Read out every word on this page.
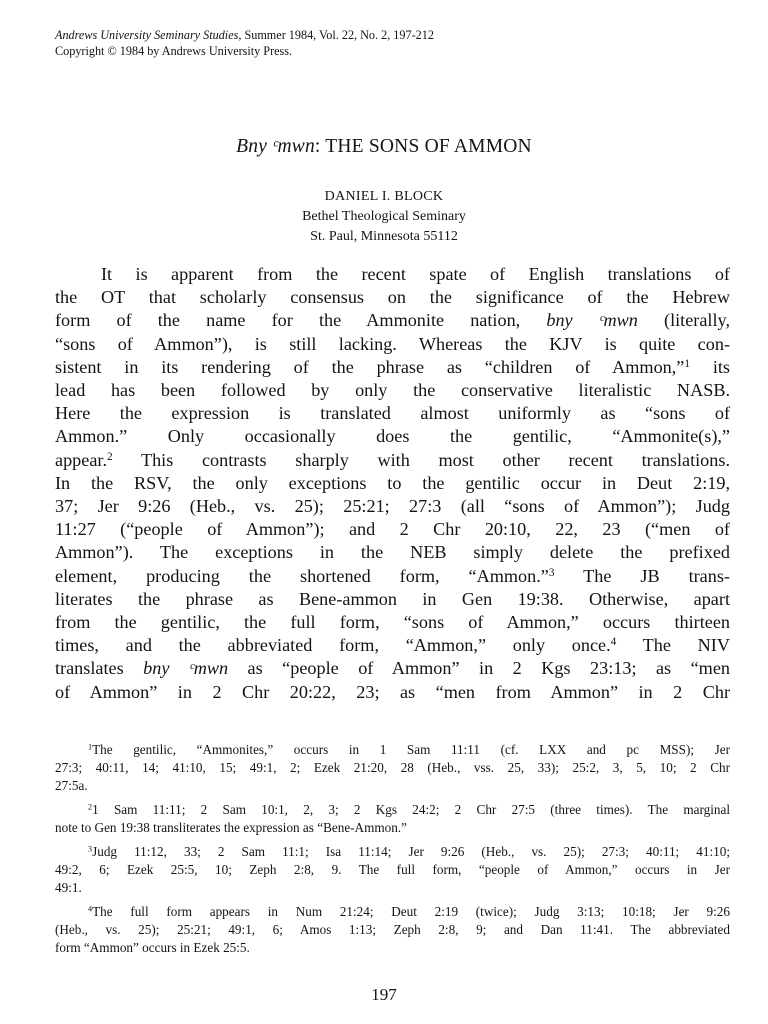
Andrews University Seminary Studies, Summer 1984, Vol. 22, No. 2, 197-212
Copyright © 1984 by Andrews University Press.
Bny ᶜmwn: THE SONS OF AMMON
DANIEL I. BLOCK
Bethel Theological Seminary
St. Paul, Minnesota 55112
It is apparent from the recent spate of English translations of
the OT that scholarly consensus on the significance of the Hebrew
form of the name for the Ammonite nation, bny ᶜmwn (literally,
“sons of Ammon”), is still lacking. Whereas the KJV is quite con-
sistent in its rendering of the phrase as “children of Ammon,”$^1$ its
lead has been followed by only the conservative literalistic NASB.
Here the expression is translated almost uniformly as “sons of
Ammon.” Only occasionally does the gentilic, “Ammonite(s),”
appear.$^2$ This contrasts sharply with most other recent translations.
In the RSV, the only exceptions to the gentilic occur in Deut 2:19,
37; Jer 9:26 (Heb., vs. 25); 25:21; 27:3 (all “sons of Ammon”); Judg
11:27 (“people of Ammon”); and 2 Chr 20:10, 22, 23 (“men of
Ammon”). The exceptions in the NEB simply delete the prefixed
element, producing the shortened form, “Ammon.”$^3$ The JB trans-
literates the phrase as Bene-ammon in Gen 19:38. Otherwise, apart
from the gentilic, the full form, “sons of Ammon,” occurs thirteen
times, and the abbreviated form, “Ammon,” only once.$^4$ The NIV
translates bny ᶜmwn as “people of Ammon” in 2 Kgs 23:13; as “men
of Ammon” in 2 Chr 20:22, 23; as “men from Ammon” in 2 Chr
$^1$The gentilic, “Ammonites,” occurs in 1 Sam 11:11 (cf. LXX and pc MSS); Jer
27:3; 40:11, 14; 41:10, 15; 49:1, 2; Ezek 21:20, 28 (Heb., vss. 25, 33); 25:2, 3, 5, 10; 2 Chr
27:5a.
$^2$1 Sam 11:11; 2 Sam 10:1, 2, 3; 2 Kgs 24:2; 2 Chr 27:5 (three times). The marginal
note to Gen 19:38 transliterates the expression as “Bene-Ammon.”
$^3$Judg 11:12, 33; 2 Sam 11:1; Isa 11:14; Jer 9:26 (Heb., vs. 25); 27:3; 40:11; 41:10;
49:2, 6; Ezek 25:5, 10; Zeph 2:8, 9. The full form, “people of Ammon,” occurs in Jer
49:1.
$^4$The full form appears in Num 21:24; Deut 2:19 (twice); Judg 3:13; 10:18; Jer 9:26
(Heb., vs. 25); 25:21; 49:1, 6; Amos 1:13; Zeph 2:8, 9; and Dan 11:41. The abbreviated
form “Ammon” occurs in Ezek 25:5.
197
